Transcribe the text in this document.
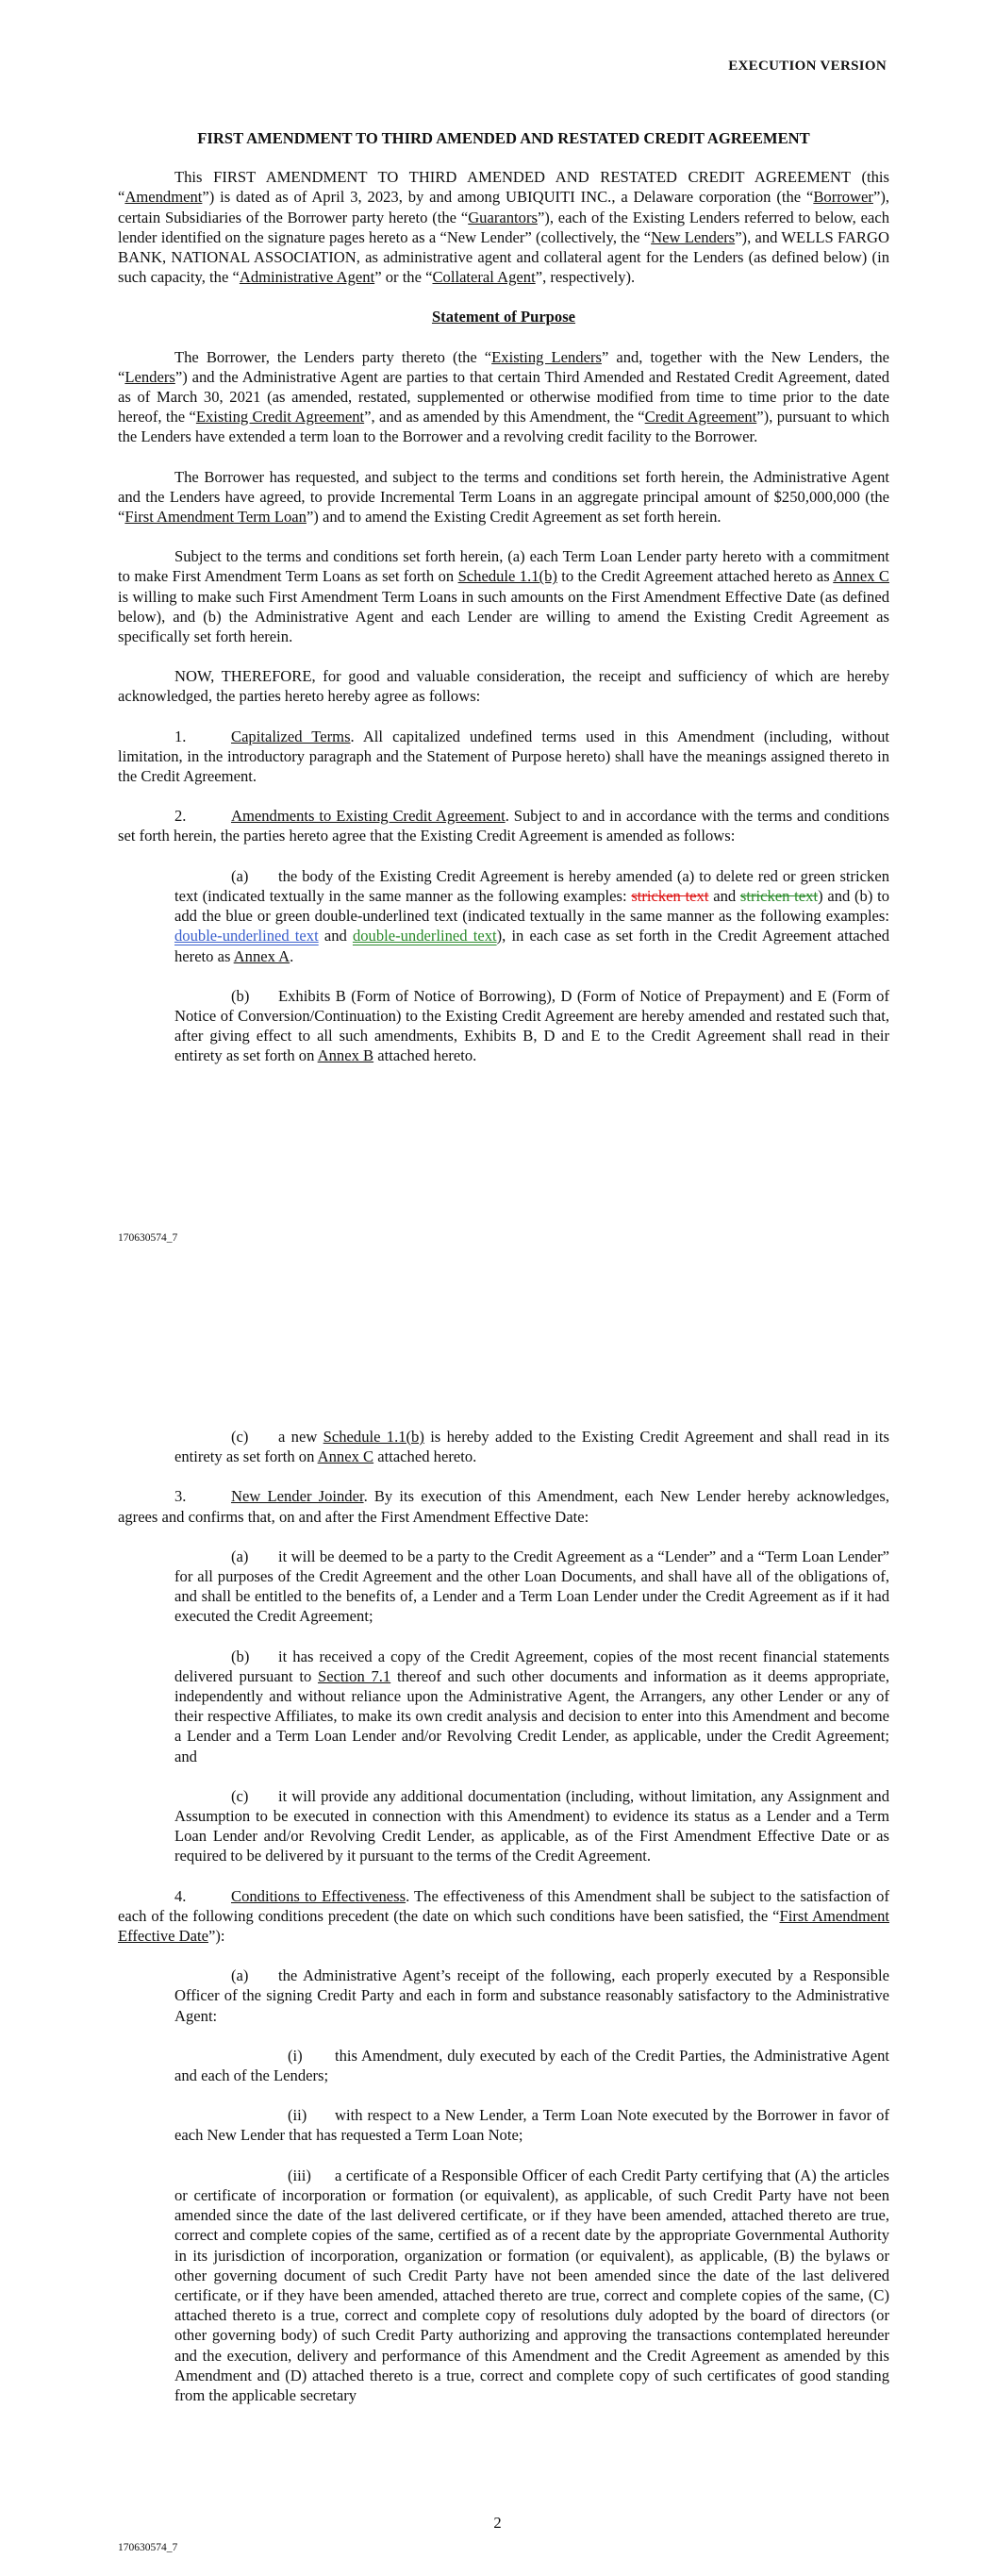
EXECUTION VERSION

FIRST AMENDMENT TO THIRD AMENDED AND RESTATED CREDIT AGREEMENT

This FIRST AMENDMENT TO THIRD AMENDED AND RESTATED CREDIT AGREEMENT (this “Amendment”) is dated as of April 3, 2023, by and among UBIQUITI INC., a Delaware corporation (the “Borrower”), certain Subsidiaries of the Borrower party hereto (the “Guarantors”), each of the Existing Lenders referred to below, each lender identified on the signature pages hereto as a “New Lender” (collectively, the “New Lenders”), and WELLS FARGO BANK, NATIONAL ASSOCIATION, as administrative agent and collateral agent for the Lenders (as defined below) (in such capacity, the “Administrative Agent” or the “Collateral Agent”, respectively).

Statement of Purpose

The Borrower, the Lenders party thereto (the “Existing Lenders” and, together with the New Lenders, the “Lenders”) and the Administrative Agent are parties to that certain Third Amended and Restated Credit Agreement, dated as of March 30, 2021 (as amended, restated, supplemented or otherwise modified from time to time prior to the date hereof, the “Existing Credit Agreement”, and as amended by this Amendment, the “Credit Agreement”), pursuant to which the Lenders have extended a term loan to the Borrower and a revolving credit facility to the Borrower.

The Borrower has requested, and subject to the terms and conditions set forth herein, the Administrative Agent and the Lenders have agreed, to provide Incremental Term Loans in an aggregate principal amount of $250,000,000 (the “First Amendment Term Loan”) and to amend the Existing Credit Agreement as set forth herein.

Subject to the terms and conditions set forth herein, (a) each Term Loan Lender party hereto with a commitment to make First Amendment Term Loans as set forth on Schedule 1.1(b) to the Credit Agreement attached hereto as Annex C is willing to make such First Amendment Term Loans in such amounts on the First Amendment Effective Date (as defined below), and (b) the Administrative Agent and each Lender are willing to amend the Existing Credit Agreement as specifically set forth herein.

NOW, THEREFORE, for good and valuable consideration, the receipt and sufficiency of which are hereby acknowledged, the parties hereto hereby agree as follows:

1.	Capitalized Terms. All capitalized undefined terms used in this Amendment (including, without limitation, in the introductory paragraph and the Statement of Purpose hereto) shall have the meanings assigned thereto in the Credit Agreement.

2.	Amendments to Existing Credit Agreement. Subject to and in accordance with the terms and conditions set forth herein, the parties hereto agree that the Existing Credit Agreement is amended as follows:

(a) the body of the Existing Credit Agreement is hereby amended (a) to delete red or green stricken text (indicated textually in the same manner as the following examples: stricken text and stricken text) and (b) to add the blue or green double-underlined text (indicated textually in the same manner as the following examples: double-underlined text and double-underlined text), in each case as set forth in the Credit Agreement attached hereto as Annex A.

(b) Exhibits B (Form of Notice of Borrowing), D (Form of Notice of Prepayment) and E (Form of Notice of Conversion/Continuation) to the Existing Credit Agreement are hereby amended and restated such that, after giving effect to all such amendments, Exhibits B, D and E to the Credit Agreement shall read in their entirety as set forth on Annex B attached hereto.

170630574_7

(c) a new Schedule 1.1(b) is hereby added to the Existing Credit Agreement and shall read in its entirety as set forth on Annex C attached hereto.

3.	New Lender Joinder. By its execution of this Amendment, each New Lender hereby acknowledges, agrees and confirms that, on and after the First Amendment Effective Date:

(a) it will be deemed to be a party to the Credit Agreement as a “Lender” and a “Term Loan Lender” for all purposes of the Credit Agreement and the other Loan Documents, and shall have all of the obligations of, and shall be entitled to the benefits of, a Lender and a Term Loan Lender under the Credit Agreement as if it had executed the Credit Agreement;

(b) it has received a copy of the Credit Agreement, copies of the most recent financial statements delivered pursuant to Section 7.1 thereof and such other documents and information as it deems appropriate, independently and without reliance upon the Administrative Agent, the Arrangers, any other Lender or any of their respective Affiliates, to make its own credit analysis and decision to enter into this Amendment and become a Lender and a Term Loan Lender and/or Revolving Credit Lender, as applicable, under the Credit Agreement; and

(c) it will provide any additional documentation (including, without limitation, any Assignment and Assumption to be executed in connection with this Amendment) to evidence its status as a Lender and a Term Loan Lender and/or Revolving Credit Lender, as applicable, as of the First Amendment Effective Date or as required to be delivered by it pursuant to the terms of the Credit Agreement.

4.	Conditions to Effectiveness. The effectiveness of this Amendment shall be subject to the satisfaction of each of the following conditions precedent (the date on which such conditions have been satisfied, the “First Amendment Effective Date”):

(a) the Administrative Agent’s receipt of the following, each properly executed by a Responsible Officer of the signing Credit Party and each in form and substance reasonably satisfactory to the Administrative Agent:

(i) this Amendment, duly executed by each of the Credit Parties, the Administrative Agent and each of the Lenders;

(ii) with respect to a New Lender, a Term Loan Note executed by the Borrower in favor of each New Lender that has requested a Term Loan Note;

(iii) a certificate of a Responsible Officer of each Credit Party certifying that (A) the articles or certificate of incorporation or formation (or equivalent), as applicable, of such Credit Party have not been amended since the date of the last delivered certificate, or if they have been amended, attached thereto are true, correct and complete copies of the same, certified as of a recent date by the appropriate Governmental Authority in its jurisdiction of incorporation, organization or formation (or equivalent), as applicable, (B) the bylaws or other governing document of such Credit Party have not been amended since the date of the last delivered certificate, or if they have been amended, attached thereto are true, correct and complete copies of the same, (C) attached thereto is a true, correct and complete copy of resolutions duly adopted by the board of directors (or other governing body) of such Credit Party authorizing and approving the transactions contemplated hereunder and the execution, delivery and performance of this Amendment and the Credit Agreement as amended by this Amendment and (D) attached thereto is a true, correct and complete copy of such certificates of good standing from the applicable secretary

2
170630574_7
